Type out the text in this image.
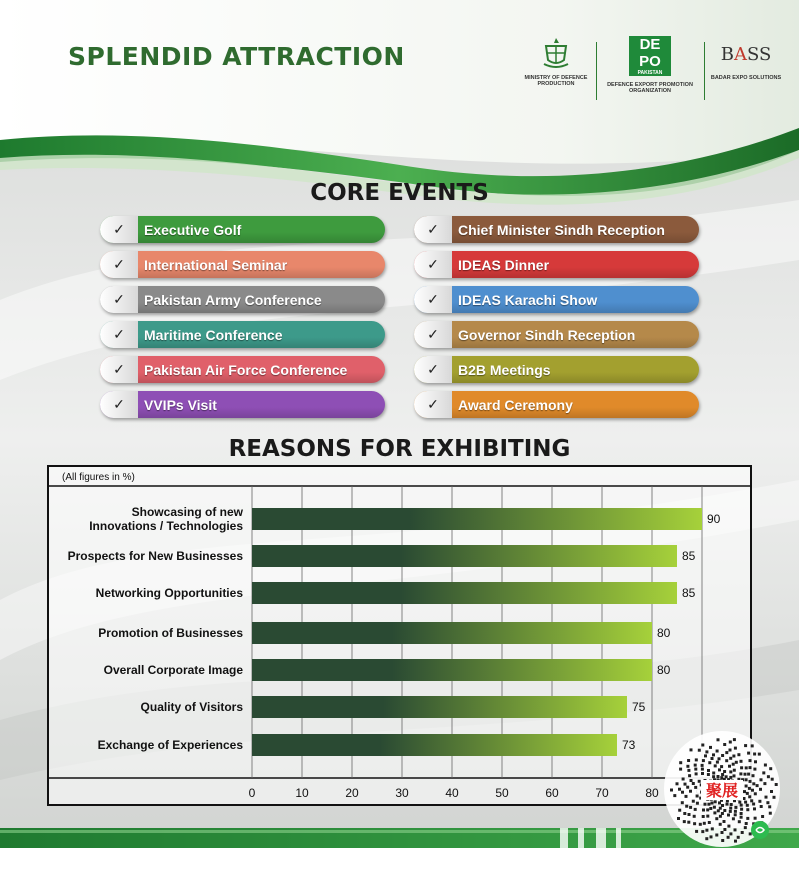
SPLENDID ATTRACTION
MINISTRY OF DEFENCE PRODUCTION
DE
PO
PAKISTAN
DEFENCE EXPORT PROMOTION ORGANIZATION
BASS
BADAR EXPO SOLUTIONS
CORE EVENTS
✓	Executive Golf
✓	International Seminar
✓	Pakistan Army Conference
✓	Maritime Conference
✓	Pakistan Air Force Conference
✓	VVIPs Visit
✓	Chief Minister Sindh Reception
✓	IDEAS Dinner
✓	IDEAS Karachi Show
✓	Governor Sindh Reception
✓	B2B Meetings
✓	Award Ceremony
REASONS FOR EXHIBITING
0	10	20	30	40	50	60	70	80
(All figures in %)
90
Showcasing of new
Innovations / Technologies
85
Prospects for New Businesses
85
Networking Opportunities
80
Promotion of Businesses
80
Overall Corporate Image
75
Quality of Visitors
73
Exchange of Experiences
聚展
